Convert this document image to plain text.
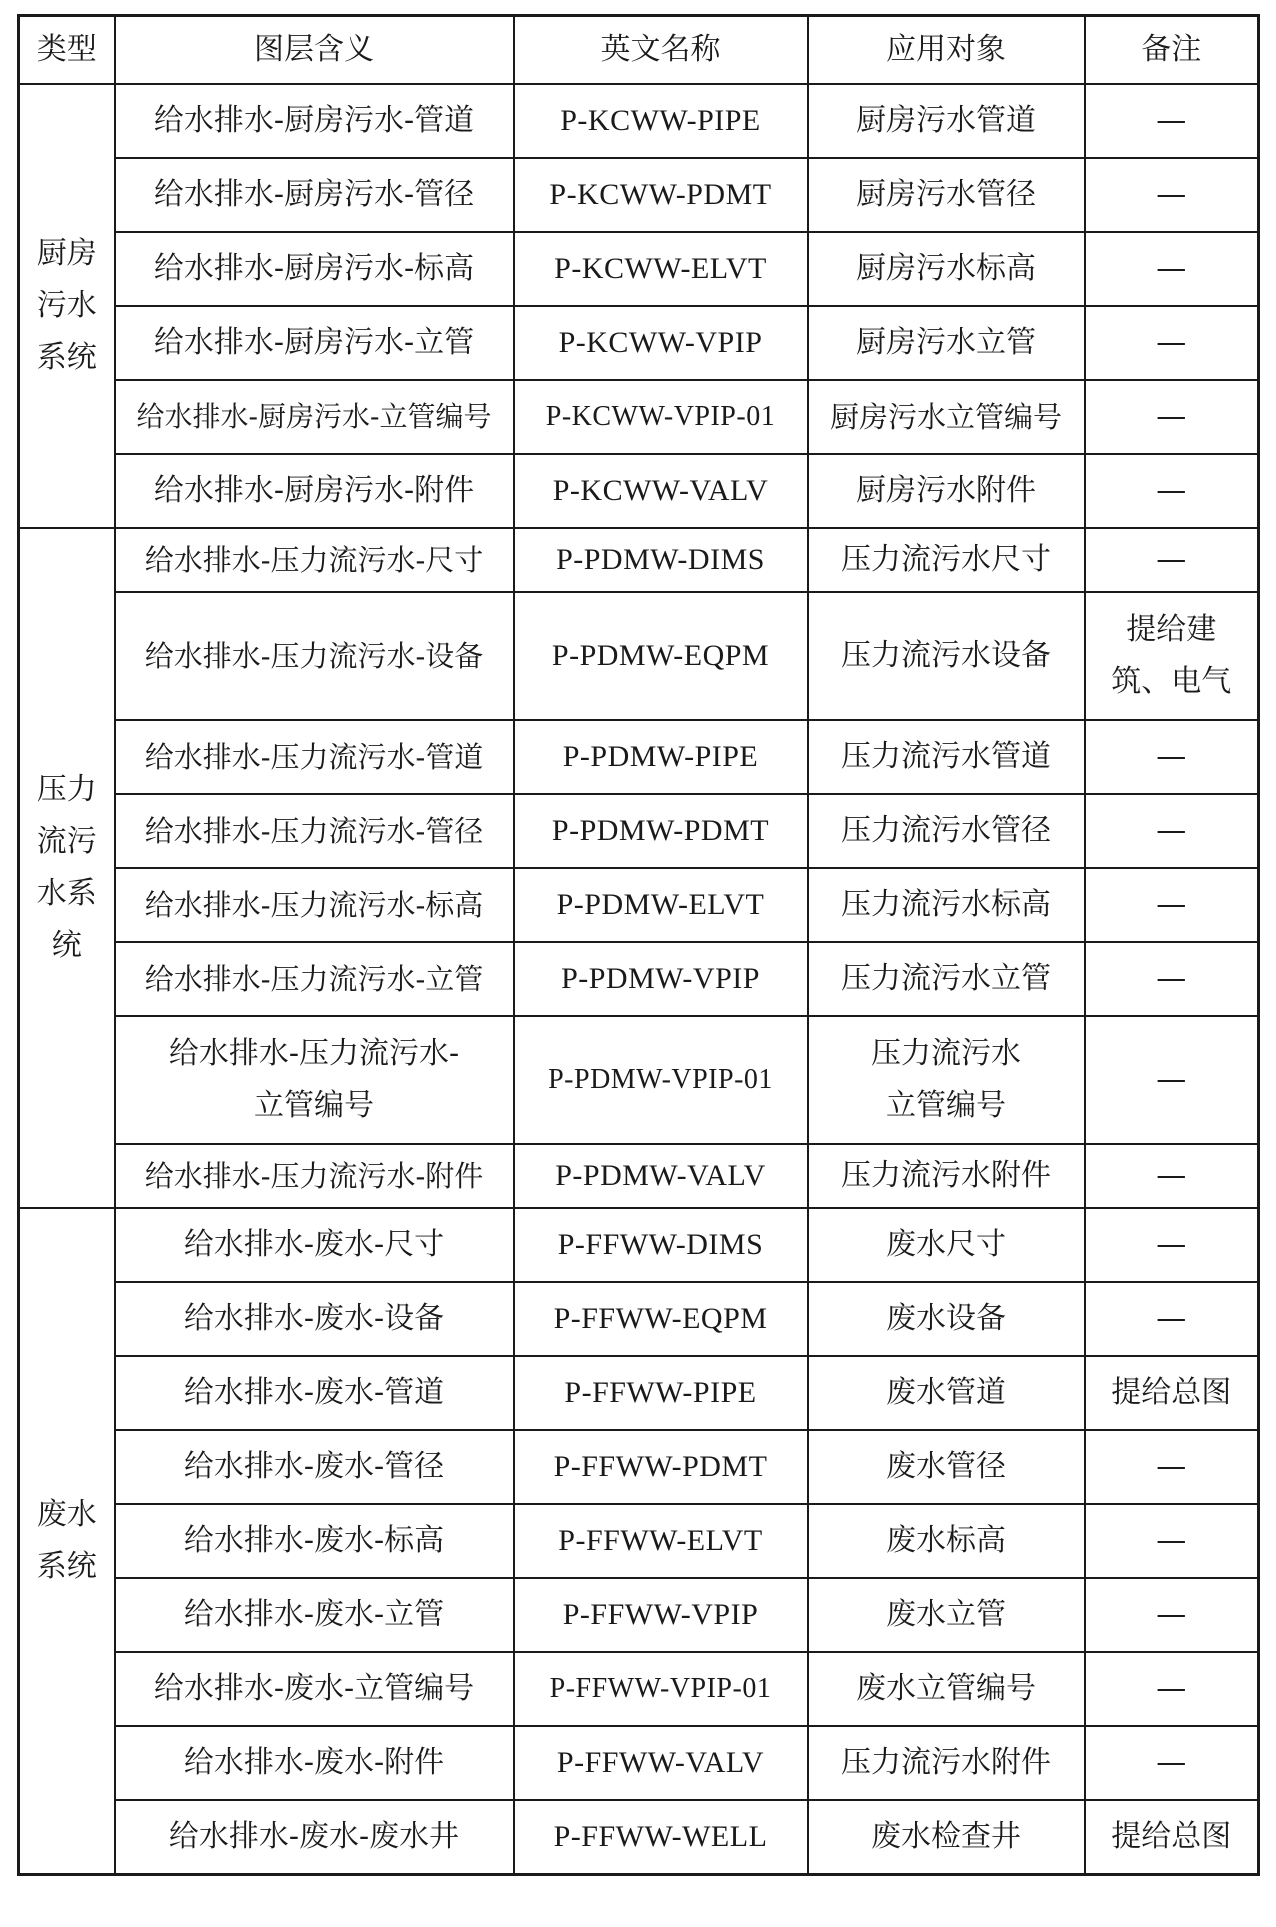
类型	图层含义	英文名称	应用对象	备注
厨房污水系统	给水排水-厨房污水-管道	P-KCWW-PIPE	厨房污水管道	—
	给水排水-厨房污水-管径	P-KCWW-PDMT	厨房污水管径	—
	给水排水-厨房污水-标高	P-KCWW-ELVT	厨房污水标高	—
	给水排水-厨房污水-立管	P-KCWW-VPIP	厨房污水立管	—
	给水排水-厨房污水-立管编号	P-KCWW-VPIP-01	厨房污水立管编号	—
	给水排水-厨房污水-附件	P-KCWW-VALV	厨房污水附件	—
压力流污水系统	给水排水-压力流污水-尺寸	P-PDMW-DIMS	压力流污水尺寸	—
	给水排水-压力流污水-设备	P-PDMW-EQPM	压力流污水设备	提给建筑、电气
	给水排水-压力流污水-管道	P-PDMW-PIPE	压力流污水管道	—
	给水排水-压力流污水-管径	P-PDMW-PDMT	压力流污水管径	—
	给水排水-压力流污水-标高	P-PDMW-ELVT	压力流污水标高	—
	给水排水-压力流污水-立管	P-PDMW-VPIP	压力流污水立管	—
	给水排水-压力流污水-立管编号	P-PDMW-VPIP-01	压力流污水立管编号	—
	给水排水-压力流污水-附件	P-PDMW-VALV	压力流污水附件	—
废水系统	给水排水-废水-尺寸	P-FFWW-DIMS	废水尺寸	—
	给水排水-废水-设备	P-FFWW-EQPM	废水设备	—
	给水排水-废水-管道	P-FFWW-PIPE	废水管道	提给总图
	给水排水-废水-管径	P-FFWW-PDMT	废水管径	—
	给水排水-废水-标高	P-FFWW-ELVT	废水标高	—
	给水排水-废水-立管	P-FFWW-VPIP	废水立管	—
	给水排水-废水-立管编号	P-FFWW-VPIP-01	废水立管编号	—
	给水排水-废水-附件	P-FFWW-VALV	压力流污水附件	—
	给水排水-废水-废水井	P-FFWW-WELL	废水检查井	提给总图
